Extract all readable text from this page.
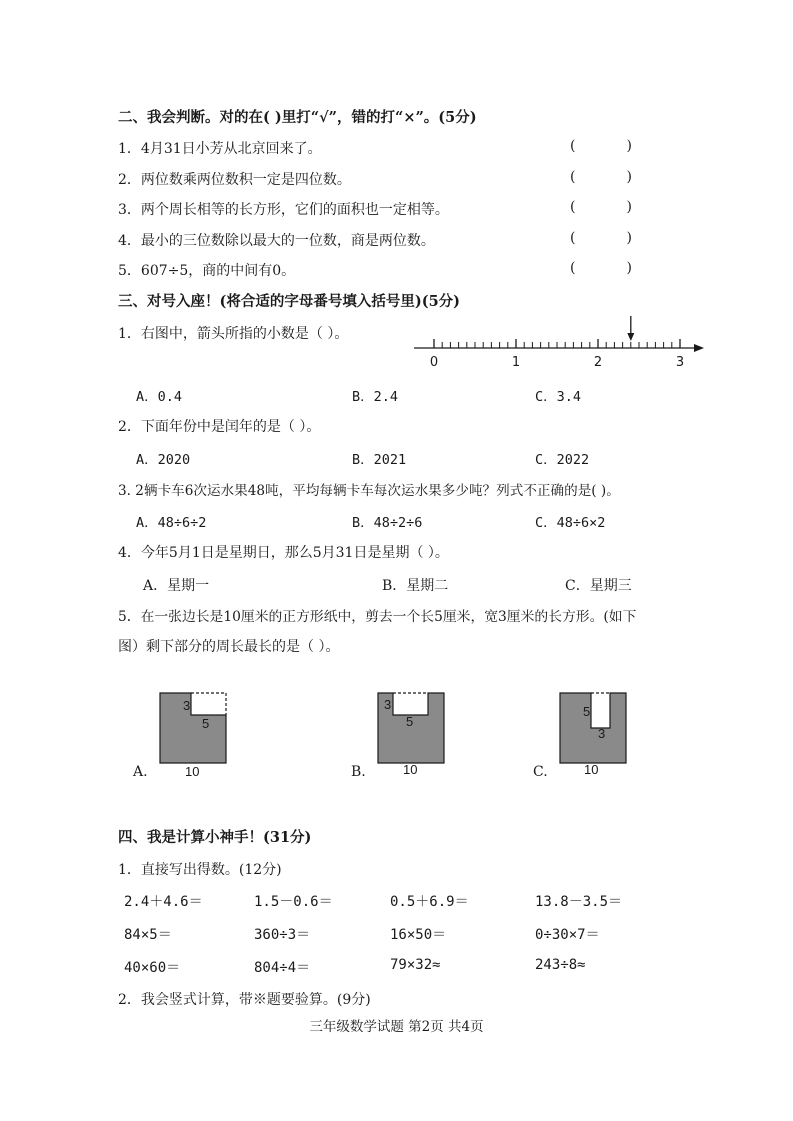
二、我会判断。对的在( )里打“√”，错的打“×”。(5分)
1．4月31日小芳从北京回来了。	(	)
2．两位数乘两位数积一定是四位数。	(	)
3．两个周长相等的长方形，它们的面积也一定相等。	(	)
4．最小的三位数除以最大的一位数，商是两位数。	(	)
5．607÷5，商的中间有0。	(	)
三、对号入座！(将合适的字母番号填入括号里)(5分)
1．右图中，箭头所指的小数是（ ）。
0	1	2	3
A．0.4	B．2.4	C．3.4
2．下面年份中是闰年的是（ ）。
A．2020	B．2021	C．2022
3. 2辆卡车6次运水果48吨，平均每辆卡车每次运水果多少吨？列式不正确的是( )。
A．48÷6÷2	B．48÷2÷6	C．48÷6×2
4．今年5月1日是星期日，那么5月31日是星期（ ）。
A．星期一	B．星期二	C．星期三
5．在一张边长是10厘米的正方形纸中，剪去一个长5厘米，宽3厘米的长方形。(如下
图）剩下部分的周长最长的是（ ）。
3
5
10
A.
3
5
10
B.
5
3
10
C.
四、我是计算小神手！(31分)
1．直接写出得数。(12分)
2.4＋4.6＝	1.5－0.6＝	0.5＋6.9＝	13.8－3.5＝
84×5＝	360÷3＝	16×50＝	0÷30×7＝
40×60＝	804÷4＝	79×32≈	243÷8≈
2．我会竖式计算，带※题要验算。(9分)
三年级数学试题 第2页 共4页
